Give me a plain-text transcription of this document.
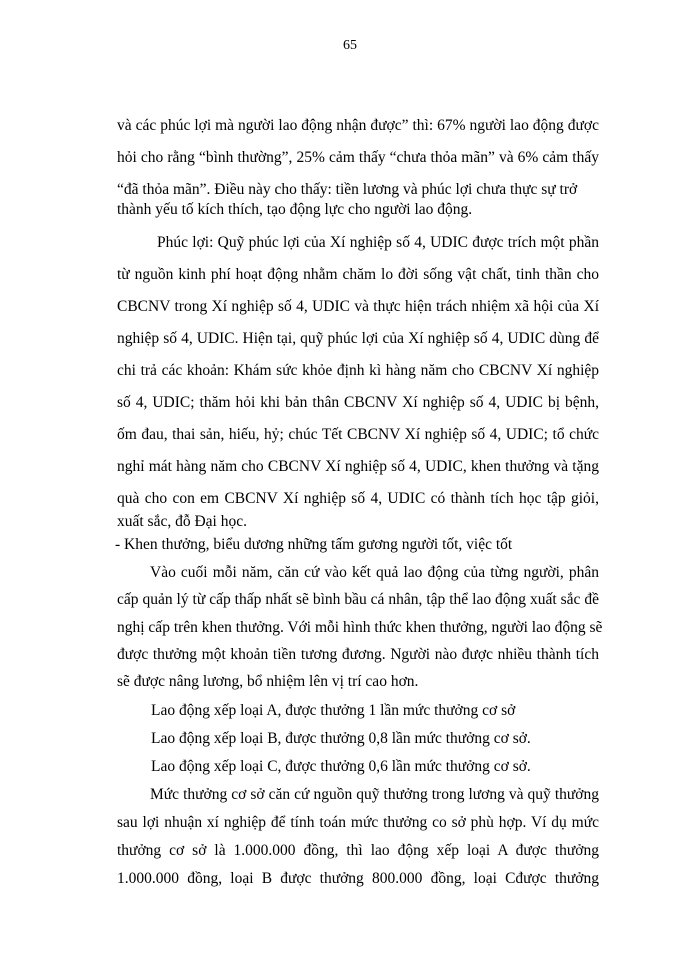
65
và các phúc lợi mà người lao động nhận được” thì: 67% người lao động được
hỏi cho rằng “bình thường”, 25% cảm thấy “chưa thỏa mãn” và 6% cảm thấy
“đã thỏa mãn”. Điều này cho thấy: tiền lương và phúc lợi chưa thực sự trở
thành yếu tố kích thích, tạo động lực cho người lao động.
Phúc lợi: Quỹ phúc lợi của Xí nghiệp số 4, UDIC được trích một phần
từ nguồn kinh phí hoạt động nhằm chăm lo đời sống vật chất, tinh thần cho
CBCNV trong Xí nghiệp số 4, UDIC và thực hiện trách nhiệm xã hội của Xí
nghiệp số 4, UDIC. Hiện tại, quỹ phúc lợi của Xí nghiệp số 4, UDIC dùng để
chi trả các khoản: Khám sức khỏe định kì hàng năm cho CBCNV Xí nghiệp
số 4, UDIC; thăm hỏi khi bản thân CBCNV Xí nghiệp số 4, UDIC bị bệnh,
ốm đau, thai sản, hiếu, hỷ; chúc Tết CBCNV Xí nghiệp số 4, UDIC; tổ chức
nghỉ mát hàng năm cho CBCNV Xí nghiệp số 4, UDIC, khen thưởng và tặng
quà cho con em CBCNV Xí nghiệp số 4, UDIC có thành tích học tập giỏi,
xuất sắc, đỗ Đại học.
- Khen thưởng, biểu dương những tấm gương người tốt, việc tốt
Vào cuối mỗi năm, căn cứ vào kết quả lao động của từng người, phân
cấp quản lý từ cấp thấp nhất sẽ bình bầu cá nhân, tập thể lao động xuất sắc đề
nghị cấp trên khen thưởng. Với mỗi hình thức khen thưởng, người lao động sẽ
được thưởng một khoản tiền tương đương. Người nào được nhiều thành tích
sẽ được nâng lương, bổ nhiệm lên vị trí cao hơn.
Lao động xếp loại A, được thưởng 1 lần mức thưởng cơ sở
Lao động xếp loại B, được thưởng 0,8 lần mức thưởng cơ sở.
Lao động xếp loại C, được thưởng 0,6 lần mức thưởng cơ sở.
Mức thưởng cơ sở căn cứ nguồn quỹ thưởng trong lương và quỹ thưởng
sau lợi nhuận xí nghiệp để tính toán mức thưởng co sở phù hợp. Ví dụ mức
thưởng cơ sở là 1.000.000 đồng, thì lao động xếp loại A được thưởng
1.000.000 đồng, loại B được thưởng 800.000 đồng, loại Cđược thưởng
